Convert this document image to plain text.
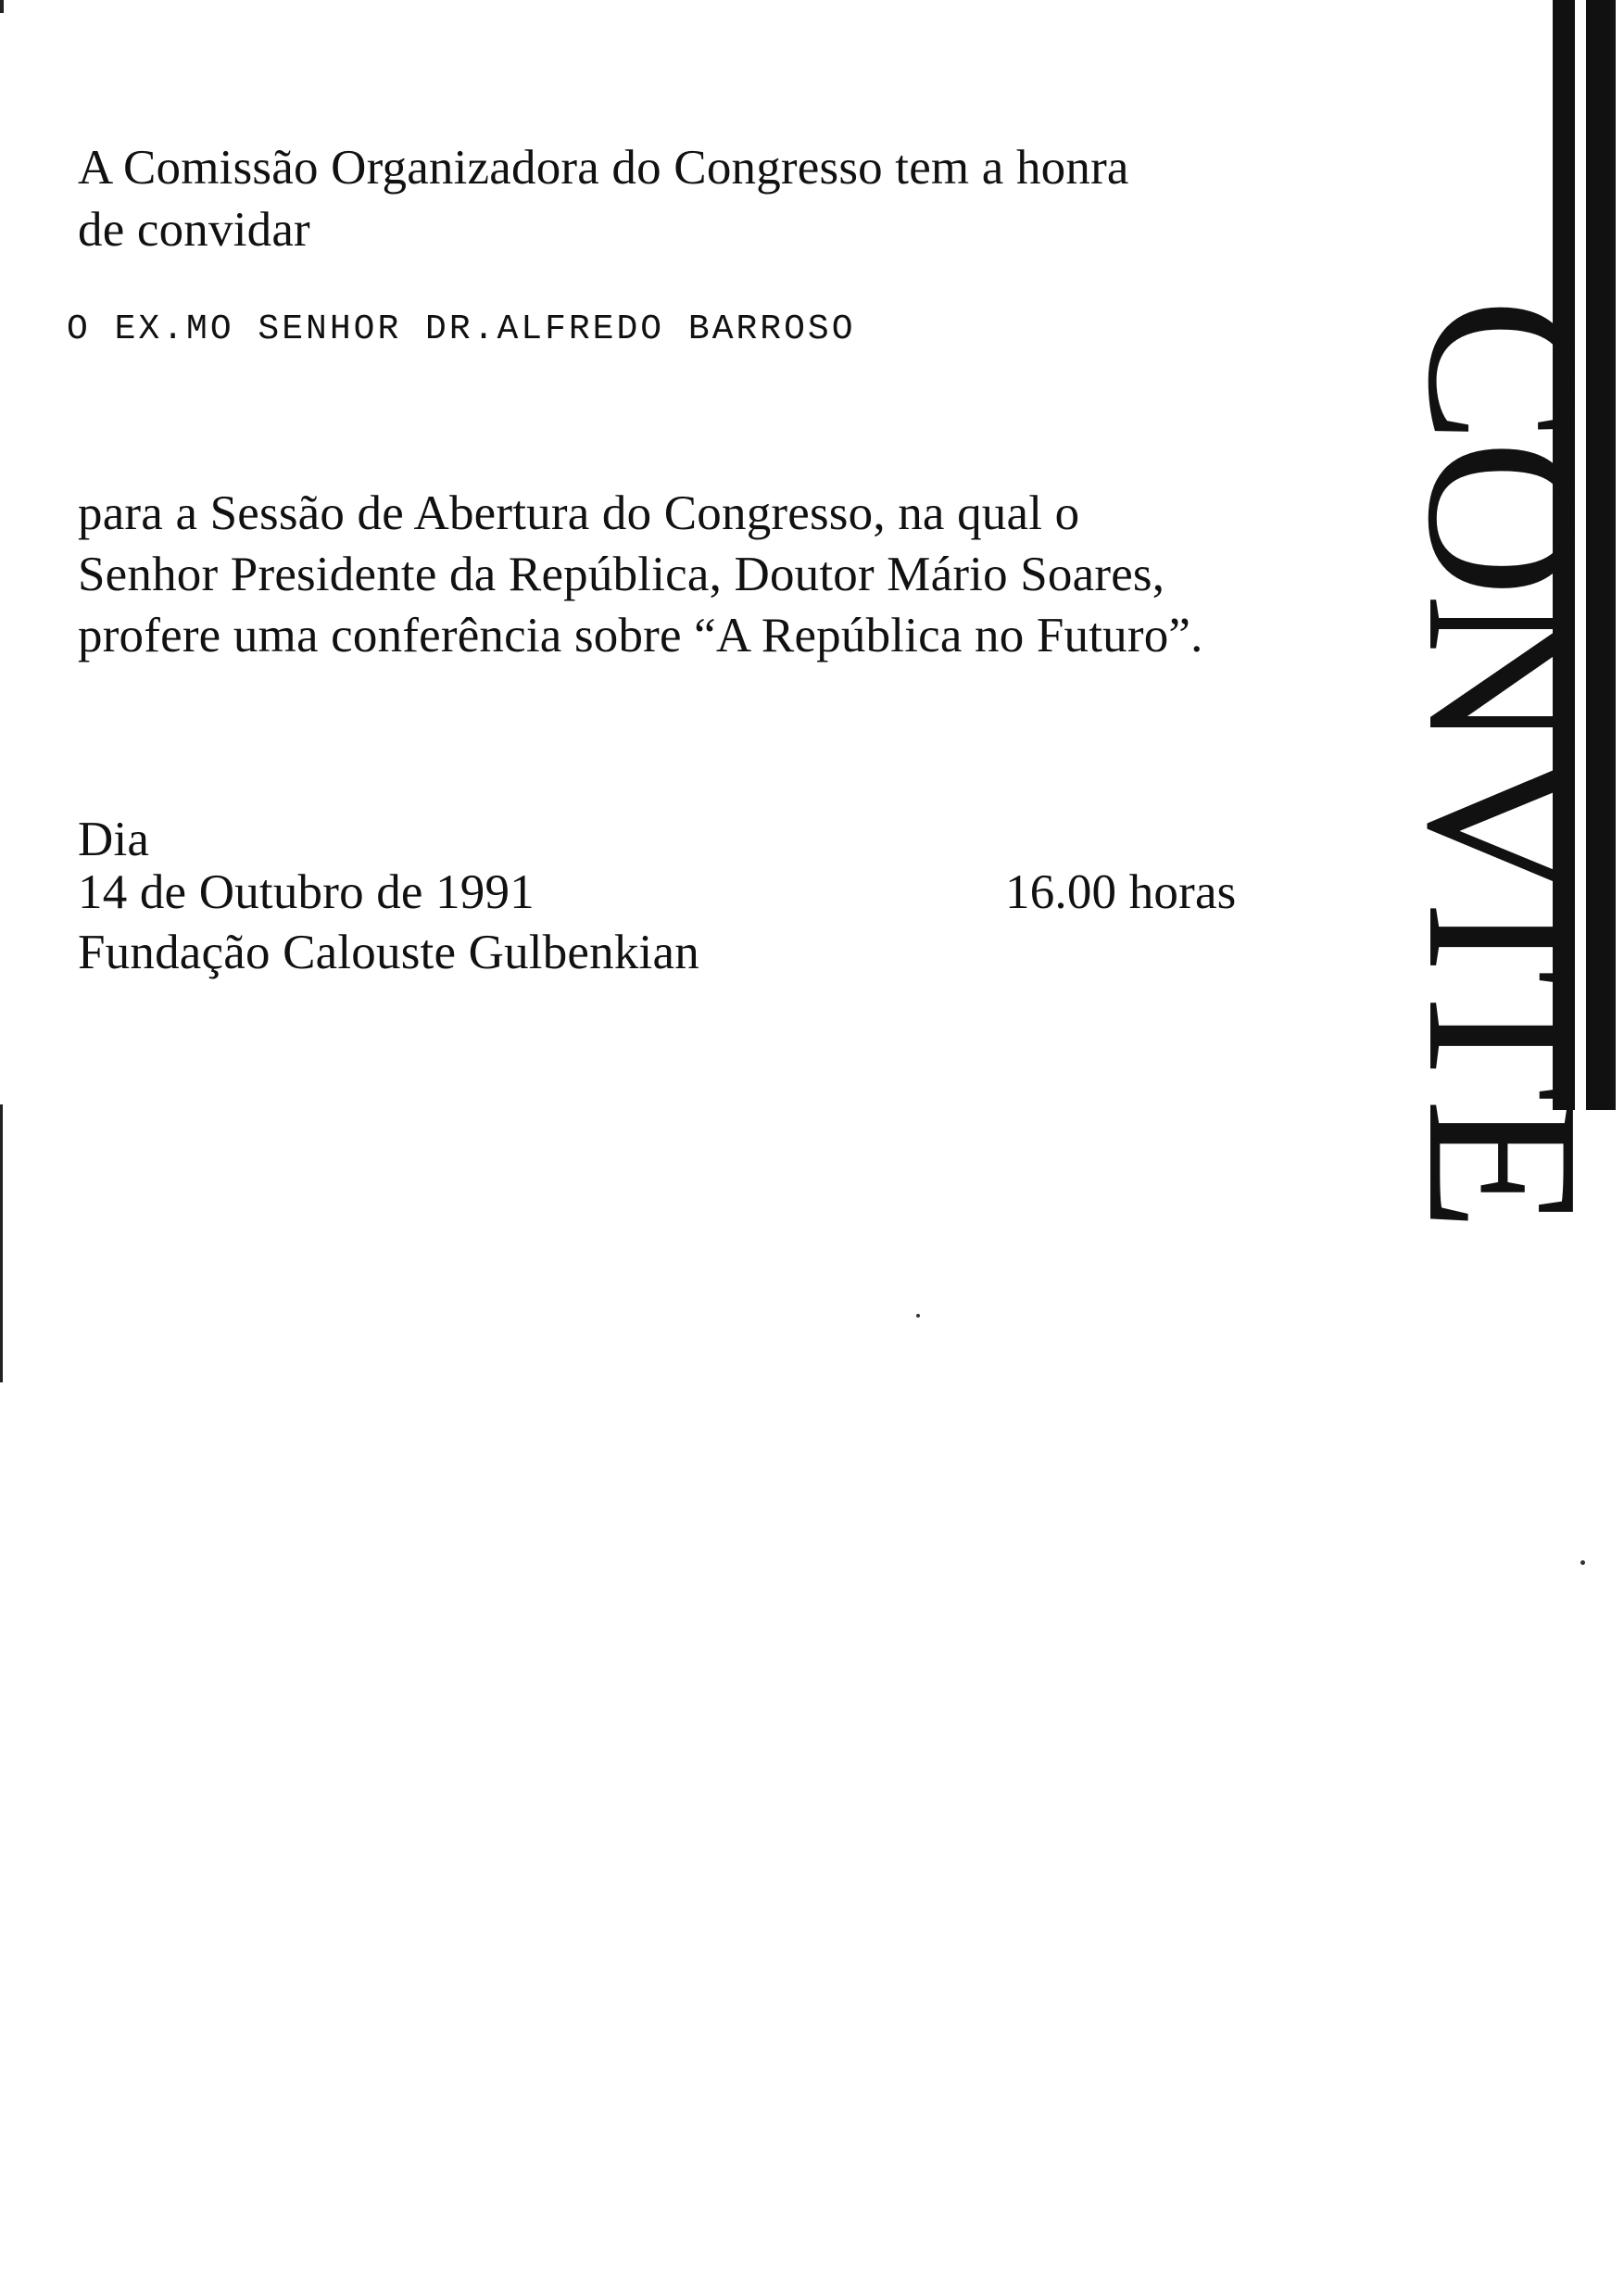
A Comissão Organizadora do Congresso tem a honra
de convidar
O EX.MO SENHOR DR.ALFREDO BARROSO
para a Sessão de Abertura do Congresso, na qual o
Senhor Presidente da República, Doutor Mário Soares,
profere uma conferência sobre “A República no Futuro”.
Dia
14 de Outubro de 1991	16.00 horas
Fundação Calouste Gulbenkian	CONVITE
